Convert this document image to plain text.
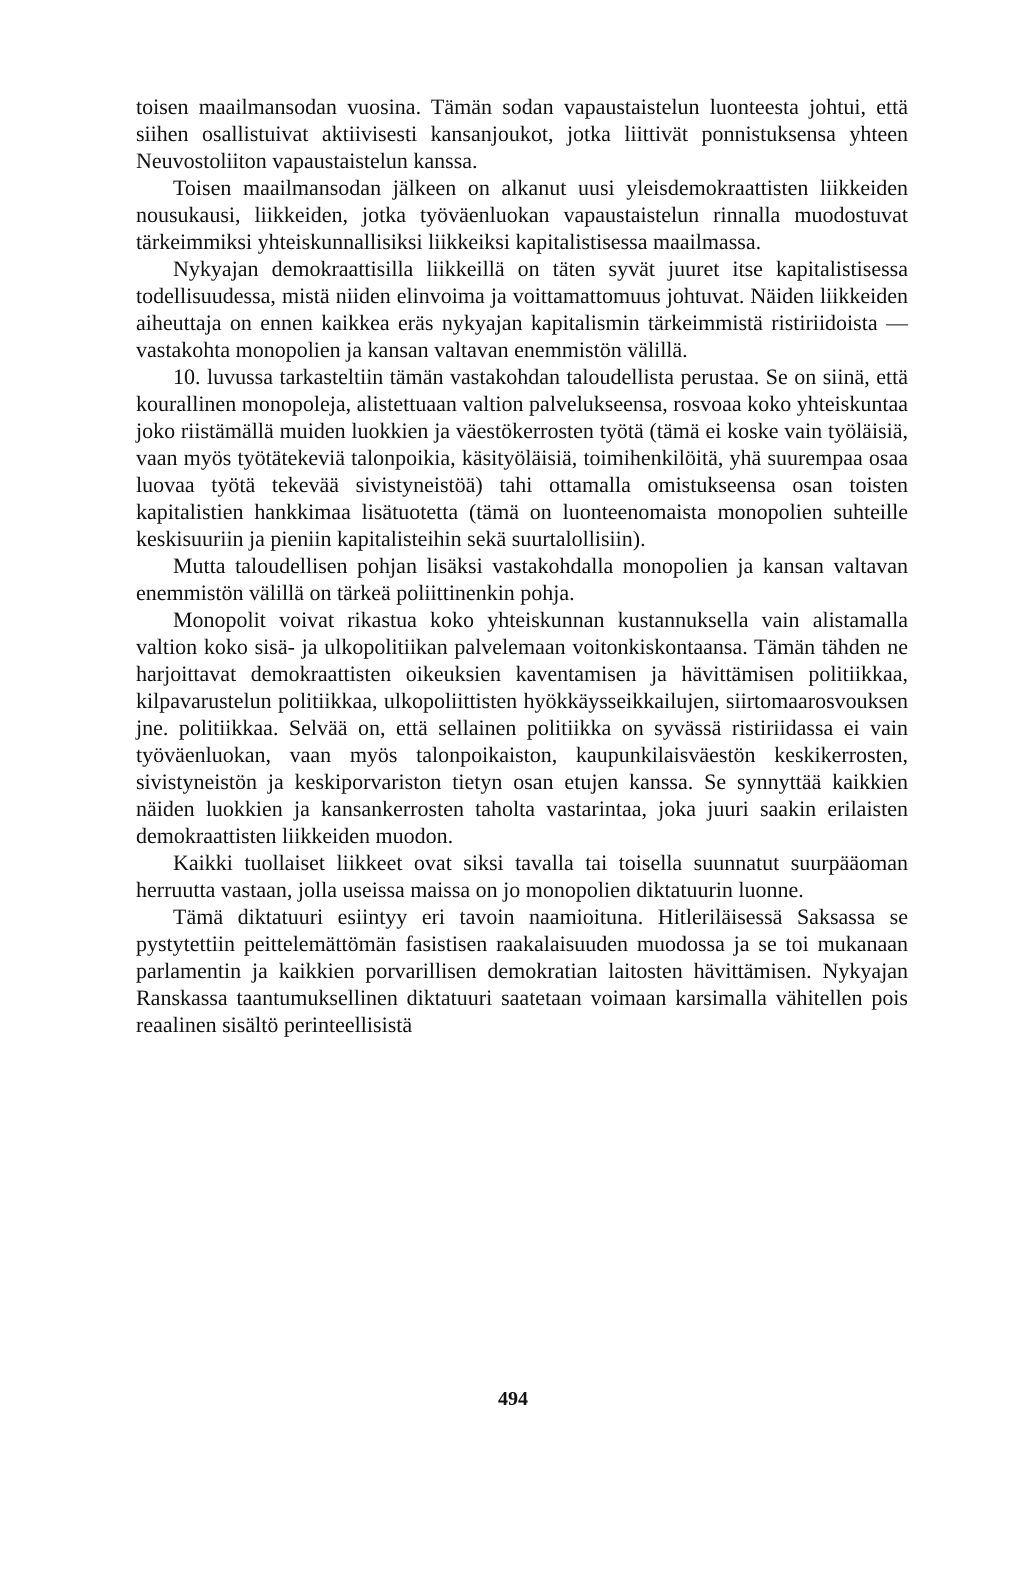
toisen maailmansodan vuosina. Tämän sodan vapaustaistelun luonteesta johtui, että siihen osallistuivat aktiivisesti kansanjoukot, jotka liittivät ponnistuksensa yhteen Neuvostoliiton vapaustaistelun kanssa.

Toisen maailmansodan jälkeen on alkanut uusi yleisdemokraattisten liikkeiden nousukausi, liikkeiden, jotka työväenluokan vapaustaistelun rinnalla muodostuvat tärkeimmiksi yhteiskunnallisiksi liikkeiksi kapitalistisessa maailmassa.

Nykyajan demokraattisilla liikkeillä on täten syvät juuret itse kapitalistisessa todellisuudessa, mistä niiden elinvoima ja voittamattomuus johtuvat. Näiden liikkeiden aiheuttaja on ennen kaikkea eräs nykyajan kapitalismin tärkeimmistä ristiriidoista —vastakohta monopolien ja kansan valtavan enemmistön välillä.

10. luvussa tarkasteltiin tämän vastakohdan taloudellista perustaa. Se on siinä, että kourallinen monopoleja, alistettuaan valtion palvelukseensa, rosvoaa koko yhteiskuntaa joko riistämällä muiden luokkien ja väestökerrosten työtä (tämä ei koske vain työläisiä, vaan myös työtätekeviä talonpoikia, käsityöläisiä, toimihenkilöitä, yhä suurempaa osaa luovaa työtä tekevää sivistyneistöä) tahi ottamalla omistukseensa osan toisten kapitalistien hankkimaa lisätuotetta (tämä on luonteenomaista monopolien suhteille keskisuuriin ja pieniin kapitalisteihin sekä suurtalollisiin).

Mutta taloudellisen pohjan lisäksi vastakohdalla monopolien ja kansan valtavan enemmistön välillä on tärkeä poliittinenkin pohja.

Monopolit voivat rikastua koko yhteiskunnan kustannuksella vain alistamalla valtion koko sisä- ja ulkopolitiikan palvelemaan voitonkiskontaansa. Tämän tähden ne harjoittavat demokraattisten oikeuksien kaventamisen ja hävittämisen politiikkaa, kilpavarustelun politiikkaa, ulkopoliittisten hyökkäysseikkailujen, siirtomaarosvouksen jne. politiikkaa. Selvää on, että sellainen politiikka on syvässä ristiriidassa ei vain työväenluokan, vaan myös talonpoikaiston, kaupunkilaisväestön keskikerrosten, sivistyneistön ja keskiporvariston tietyn osan etujen kanssa. Se synnyttää kaikkien näiden luokkien ja kansankerrosten taholta vastarintaa, joka juuri saakin erilaisten demokraattisten liikkeiden muodon.

Kaikki tuollaiset liikkeet ovat siksi tavalla tai toisella suunnatut suurpääoman herruutta vastaan, jolla useissa maissa on jo monopolien diktatuurin luonne.

Tämä diktatuuri esiintyy eri tavoin naamioituna. Hitleriläisessä Saksassa se pystytettiin peittelemättömän fasistisen raakalaisuuden muodossa ja se toi mukanaan parlamentin ja kaikkien porvarillisen demokratian laitosten hävittämisen. Nykyajan Ranskassa taantumuksellinen diktatuuri saatetaan voimaan karsimalla vähitellen pois reaalinen sisältö perinteellisistä

494
